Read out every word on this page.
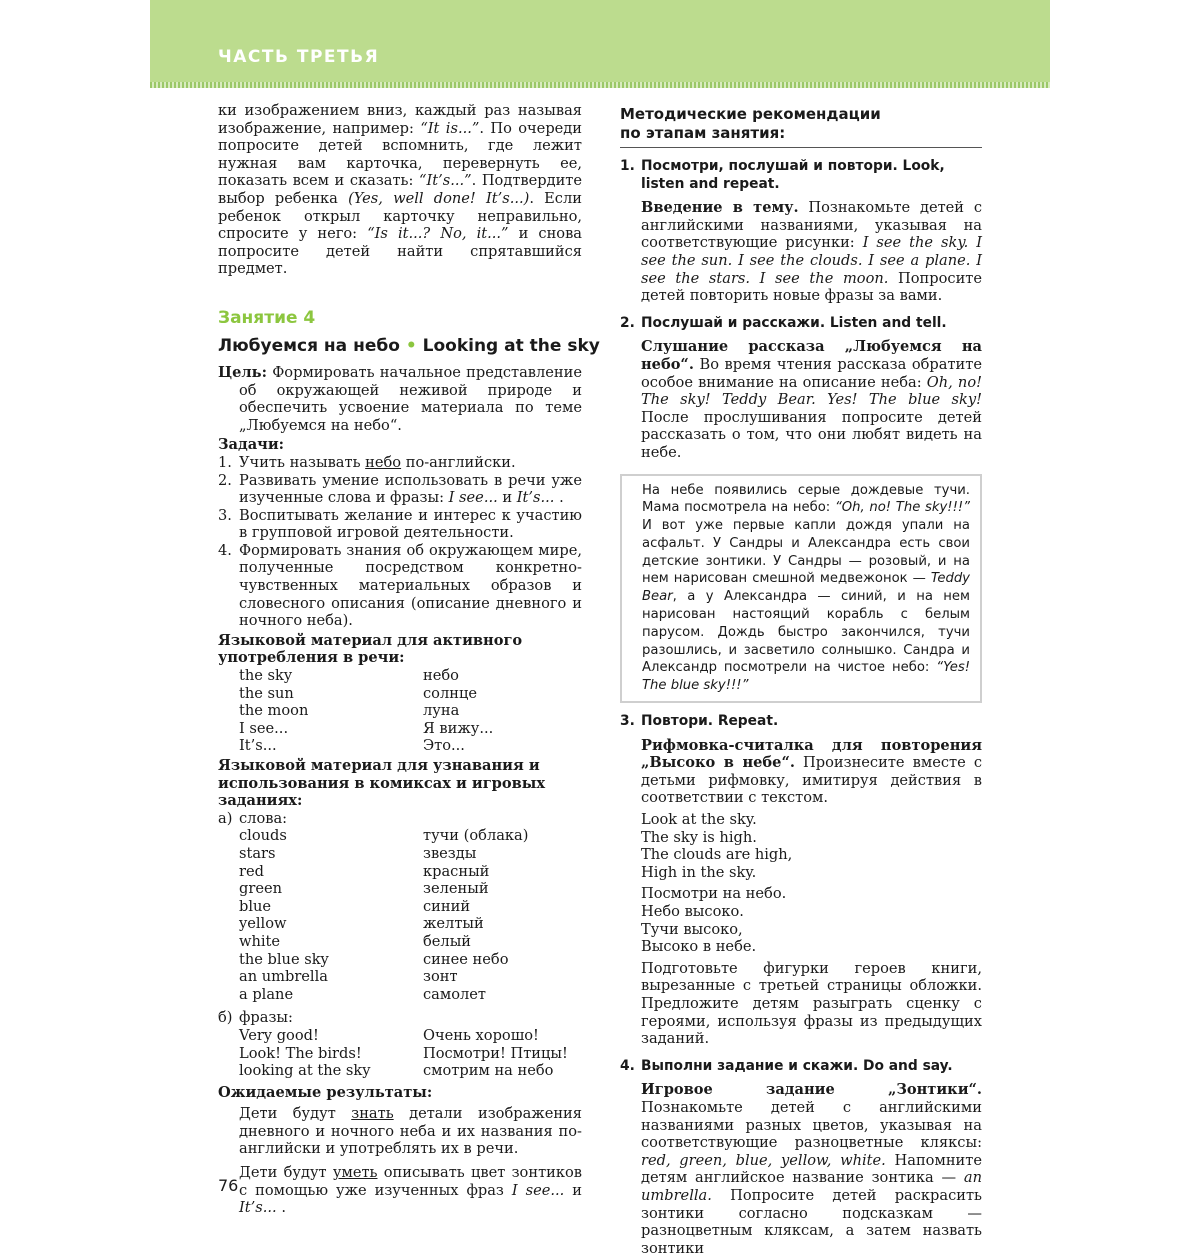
ЧАСТЬ ТРЕТЬЯ

ки изображением вниз, каждый раз называя изображение, например: “It is...”. По очереди попросите детей вспомнить, где лежит нужная вам карточка, перевернуть ее, показать всем и сказать: “It’s...”. Подтвердите выбор ребенка (Yes, well done! It’s...). Если ребенок открыл карточку неправильно, спросите у него: “Is it...? No, it...” и снова попросите детей найти спрятавшийся предмет.

Занятие 4
Любуемся на небо • Looking at the sky

Цель: Формировать начальное представление об окружающей неживой природе и обеспечить усвоение материала по теме „Любуемся на небо“.

Задачи:
1. Учить называть небо по-английски.
2. Развивать умение использовать в речи уже изученные слова и фразы: I see... и It’s... .
3. Воспитывать желание и интерес к участию в групповой игровой деятельности.
4. Формировать знания об окружающем мире, полученные посредством конкретно-чувственных материальных образов и словесного описания (описание дневного и ночного неба).
Языковой материал для активного употребления в речи:
the sky	небо
the sun	солнце
the moon	луна
I see...	Я вижу...
It’s...	Это...
Языковой материал для узнавания и использования в комиксах и игровых заданиях:
а) слова:
clouds	тучи (облака)
stars	звезды
red	красный
green	зеленый
blue	синий
yellow	желтый
white	белый
the blue sky	синее небо
an umbrella	зонт
a plane	самолет
б) фразы:
Very good!	Очень хорошо!
Look! The birds!	Посмотри! Птицы!
looking at the sky	смотрим на небо
Ожидаемые результаты:

Дети будут знать детали изображения дневного и ночного неба и их названия по-английски и употреблять их в речи.

Дети будут уметь описывать цвет зонтиков с помощью уже изученных фраз I see... и It’s... .

Методические рекомендации
по этапам занятия:
1. Посмотри, послушай и повтори. Look, listen and repeat.

Введение в тему. Познакомьте детей с английскими названиями, указывая на соответствующие рисунки: I see the sky. I see the sun. I see the clouds. I see a plane. I see the stars. I see the moon. Попросите детей повторить новые фразы за вами.

2. Послушай и расскажи. Listen and tell.

Слушание рассказа „Любуемся на небо“. Во время чтения рассказа обратите особое внимание на описание неба: Oh, no! The sky! Teddy Bear. Yes! The blue sky! После прослушивания попросите детей рассказать о том, что они любят видеть на небе.

На небе появились серые дождевые тучи. Мама посмотрела на небо: “Oh, no! The sky!!!” И вот уже первые капли дождя упали на асфальт. У Сандры и Александра есть свои детские зонтики. У Сандры — розовый, и на нем нарисован смешной медвежонок — Teddy Bear, а у Александра — синий, и на нем нарисован настоящий корабль с белым парусом. Дождь быстро закончился, тучи разошлись, и засветило солнышко. Сандра и Александр посмотрели на чистое небо: “Yes! The blue sky!!!”
3. Повтори. Repeat.

Рифмовка-считалка для повторения „Высоко в небе“. Произнесите вместе с детьми рифмовку, имитируя действия в соответствии с текстом.

Look at the sky.

The sky is high.

The clouds are high,

High in the sky.

Посмотри на небо.

Небо высоко.

Тучи высоко,

Высоко в небе.

Подготовьте фигурки героев книги, вырезанные с третьей страницы обложки. Предложите детям разыграть сценку с героями, используя фразы из предыдущих заданий.

4. Выполни задание и скажи. Do and say.

Игровое задание „Зонтики“. Познакомьте детей с английскими названиями разных цветов, указывая на соответствующие разноцветные кляксы: red, green, blue, yellow, white. Напомните детям английское название зонтика — an umbrella. Попросите детей раскрасить зонтики согласно подсказкам — разноцветным кляксам, а затем назвать зонтики

76
